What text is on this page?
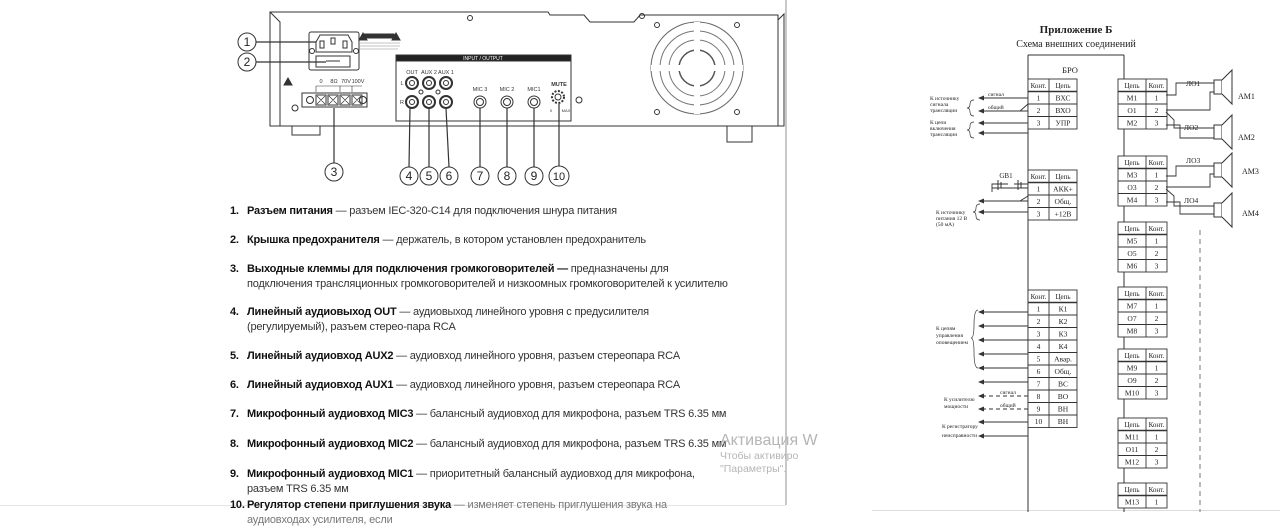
INPUT / OUTPUT
OUT AUX 2 AUX 1
L
R
MIC 3 MIC 2 MIC1
MUTE
0 MAX
0 8Ω 70V 100V
1
2
3	4 5 6 7 8 9 10
1. Разъем питания — разъем IEC-320-C14 для подключения шнура питания
2. Крышка предохранителя — держатель, в котором установлен предохранитель
3. Выходные клеммы для подключения громкоговорителей — предназначены для подключения трансляционных громкоговорителей и низкоомных громкоговорителей к усилителю
4. Линейный аудиовыход OUT — аудиовыход линейного уровня с предусилителя (регулируемый), разъем стерео-пара RCA
5. Линейный аудиовход AUX2 — аудиовход линейного уровня, разъем стереопара RCA
6. Линейный аудиовход AUX1 — аудиовход линейного уровня, разъем стереопара RCA
7. Микрофонный аудиовход MIC3 — балансный аудиовход для микрофона, разъем TRS 6.35 мм
8. Микрофонный аудиовход MIC2 — балансный аудиовход для микрофона, разъем TRS 6.35 мм
9. Микрофонный аудиовход MIC1 — приоритетный балансный аудиовход для микрофона, разъем TRS 6.35 мм
10. Регулятор степени приглушения звука — изменяет степень приглушения звука на аудиовходах усилителя, если
Активация W
Чтобы активиро
"Параметры".
Приложение Б
Схема внешних соединений
БРО
Конт. Цепь
1 ВХС
2 ВХО
3 УПР
Конт. Цепь
1 АКК+
2 Общ.
3 +12В
Конт. Цепь
1 К1
2 К2
3 К3
4 К4
5 Авар.
6 Общ.
7 ВС
8 ВО
9 ВН
10 ВН
Цепь Конт.
М1 1
О1 2
М2 3
Цепь Конт.
М3 1
О3 2
М4 3
Цепь Конт.
М5 1
О5 2
М6 3
Цепь Конт.
М7 1
О7 2
М8 3
Цепь Конт.
М9 1
О9 2
М10 3
Цепь Конт.
М11 1
О11 2
М12 3
Цепь Конт.
М13 1
GB1
АМ1
АМ2
АМ3
АМ4
ЛО1
ЛО2
ЛО3
ЛО4
сигнал
общий
К источнику
сигнала
трансляции
К цепи
включения
трансляции
К источнику
питания 12 В
(50 мА)
К цепям
управления
оповещением
сигнал
общий
К усилителю
мощности
К регистратору
неисправности
